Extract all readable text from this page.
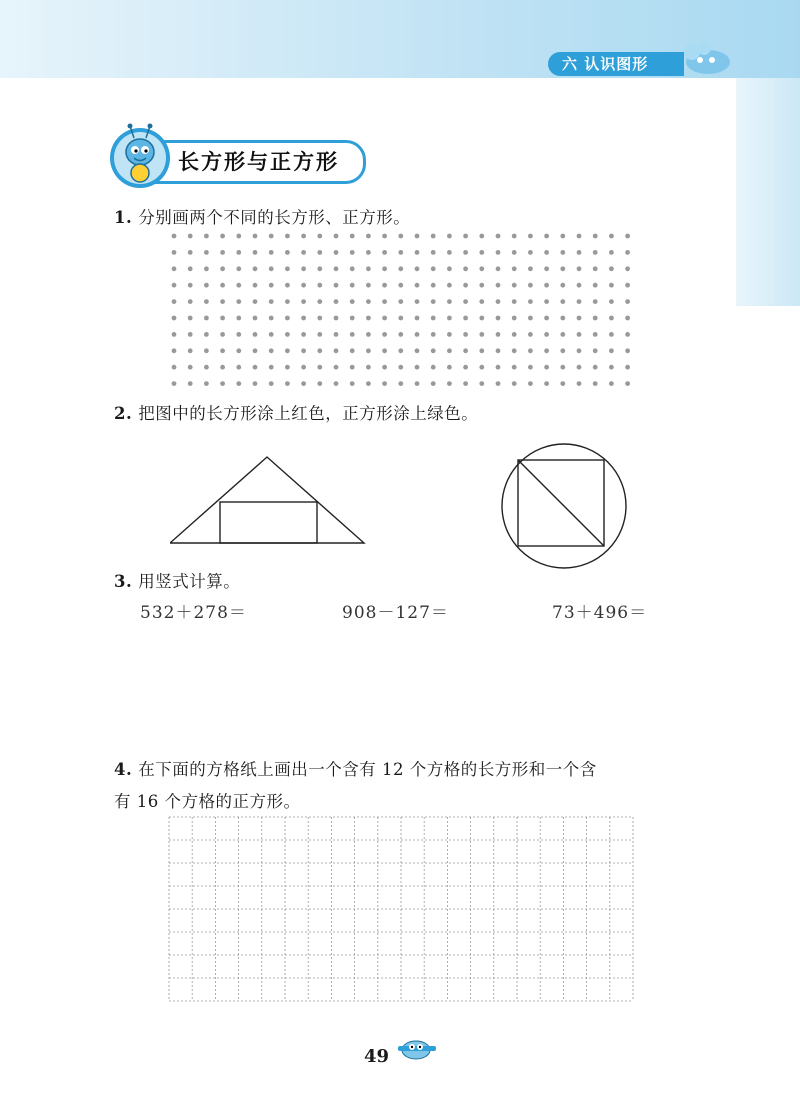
六 认识图形
长方形与正方形
1. 分别画两个不同的长方形、正方形。
2. 把图中的长方形涂上红色，正方形涂上绿色。
3. 用竖式计算。
532＋278＝	908－127＝	73＋496＝
4. 在下面的方格纸上画出一个含有 12 个方格的长方形和一个含
有 16 个方格的正方形。
49
